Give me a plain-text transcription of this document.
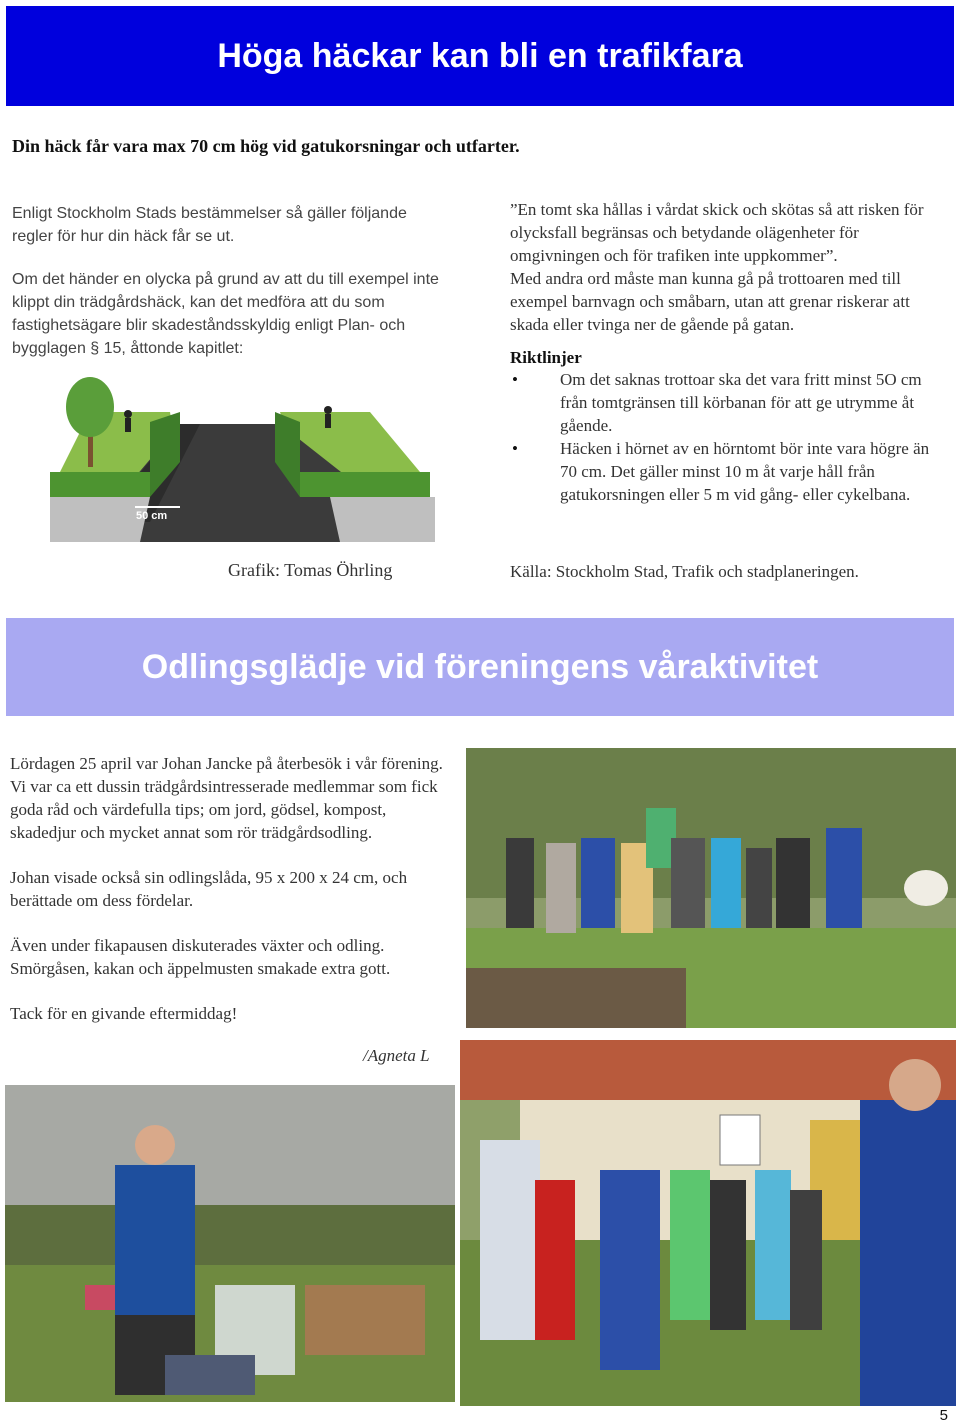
Höga häckar kan bli en trafikfara
Din häck får vara max 70 cm hög vid gatukorsningar och utfarter.

Enligt Stockholm Stads bestämmelser så gäller följande regler för hur din häck får se ut.

Om det händer en olycka på grund av att du till exempel inte klippt din trädgårdshäck, kan det medföra att du som fastighetsägare blir skadeståndsskyldig enligt Plan- och bygglagen § 15, åttonde kapitlet:

50 cm
Grafik: Tomas Öhrling

”En tomt ska hållas i vårdat skick och skötas så att risken för olycksfall begränsas och betydande olägenheter för omgivningen och för trafiken inte uppkommer”.

Med andra ord måste man kunna gå på trottoaren med till exempel barnvagn och småbarn, utan att grenar riskerar att skada eller tvinga ner de gående på gatan.

Riktlinjer

• Om det saknas trottoar ska det vara fritt minst 5O cm från tomtgränsen till körbanan för att ge utrymme åt gående.
• Häcken i hörnet av en hörntomt bör inte vara högre än 70 cm. Det gäller minst 10 m åt varje håll från gatukorsningen eller 5 m vid gång- eller cykelbana.
Källa: Stockholm Stad, Trafik och stadplaneringen.
Odlingsglädje vid föreningens våraktivitet

Lördagen 25 april var Johan Jancke på återbesök i vår förening. Vi var ca ett dussin trädgårdsintresserade medlemmar som fick goda råd och värdefulla tips; om jord, gödsel, kompost, skadedjur och mycket annat som rör trädgårdsodling.

Johan visade också sin odlingslåda, 95 x 200 x 24 cm, och berättade om dess fördelar.

Även under fikapausen diskuterades växter och odling. Smörgåsen, kakan och äppelmusten smakade extra gott.

Tack för en givande eftermiddag!

/Agneta L
5
